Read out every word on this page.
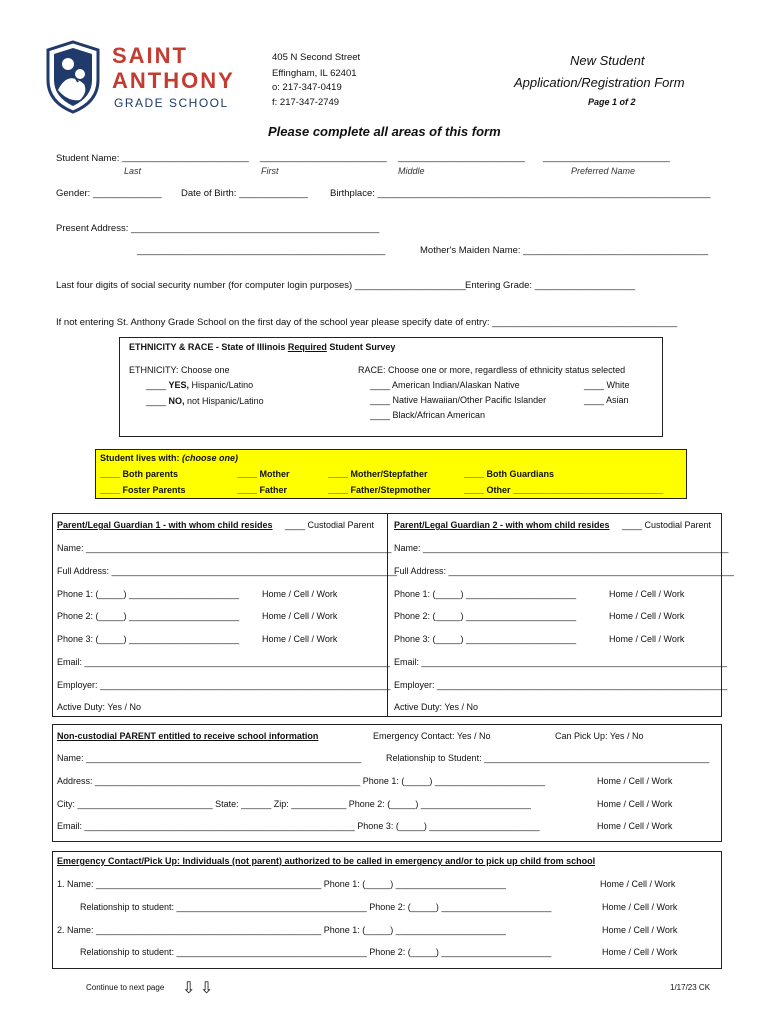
SAINT
ANTHONY
GRADE SCHOOL
405 N Second Street
Effingham, IL 62401
o: 217-347-0419
f: 217-347-2749
New Student
Application/Registration Form
Page 1 of 2
Please complete all areas of this form
Student Name: ________________________ ________________________ ________________________ ________________________
Last	First	Middle	Preferred Name
Gender: _____________ Date of Birth: _____________ Birthplace: _______________________________________________________________
Present Address: _______________________________________________
_______________________________________________	Mother's Maiden Name: ___________________________________
Last four digits of social security number (for computer login purposes) _____________________ Entering Grade: ___________________
If not entering St. Anthony Grade School on the first day of the school year please specify date of entry: ___________________________________
ETHNICITY & RACE - State of Illinois Required Student Survey
ETHNICITY: Choose one
____ YES, Hispanic/Latino
____ NO, not Hispanic/Latino
RACE: Choose one or more, regardless of ethnicity status selected
____ American Indian/Alaskan Native
____ Native Hawaiian/Other Pacific Islander
____ Black/African American
____ White
____ Asian
Student lives with: (choose one)
____ Both parents
____ Foster Parents
____ Mother
____ Father
____ Mother/Stepfather
____ Father/Stepmother
____ Both Guardians
____ Other ______________________________
Parent/Legal Guardian 1 - with whom child resides ____ Custodial Parent
Name: _____________________________________________________________
Full Address: _________________________________________________________
Phone 1: (_____) ______________________	Home / Cell / Work
Phone 2: (_____) ______________________	Home / Cell / Work
Phone 3: (_____) ______________________	Home / Cell / Work
Email: _____________________________________________________________
Employer: __________________________________________________________
Active Duty: Yes / No
Parent/Legal Guardian 2 - with whom child resides ____ Custodial Parent
Name: _____________________________________________________________
Full Address: _________________________________________________________
Phone 1: (_____) ______________________	Home / Cell / Work
Phone 2: (_____) ______________________	Home / Cell / Work
Phone 3: (_____) ______________________	Home / Cell / Work
Email: _____________________________________________________________
Employer: __________________________________________________________
Active Duty: Yes / No
Non-custodial PARENT entitled to receive school information	Emergency Contact: Yes / No	Can Pick Up: Yes / No
Name: _______________________________________________________	Relationship to Student: _____________________________________________
Address: _____________________________________________________ Phone 1: (_____) ______________________	Home / Cell / Work
City: ___________________________ State: ______ Zip: ___________ Phone 2: (_____) ______________________	Home / Cell / Work
Email: ______________________________________________________ Phone 3: (_____) ______________________	Home / Cell / Work
Emergency Contact/Pick Up: Individuals (not parent) authorized to be called in emergency and/or to pick up child from school
1. Name: _____________________________________________ Phone 1: (_____) ______________________	Home / Cell / Work
Relationship to student: ______________________________________ Phone 2: (_____) ______________________	Home / Cell / Work
2. Name: _____________________________________________ Phone 1: (_____) ______________________	Home / Cell / Work
Relationship to student: ______________________________________ Phone 2: (_____) ______________________	Home / Cell / Work
Continue to next page ⇩ ⇩	1/17/23 CK
